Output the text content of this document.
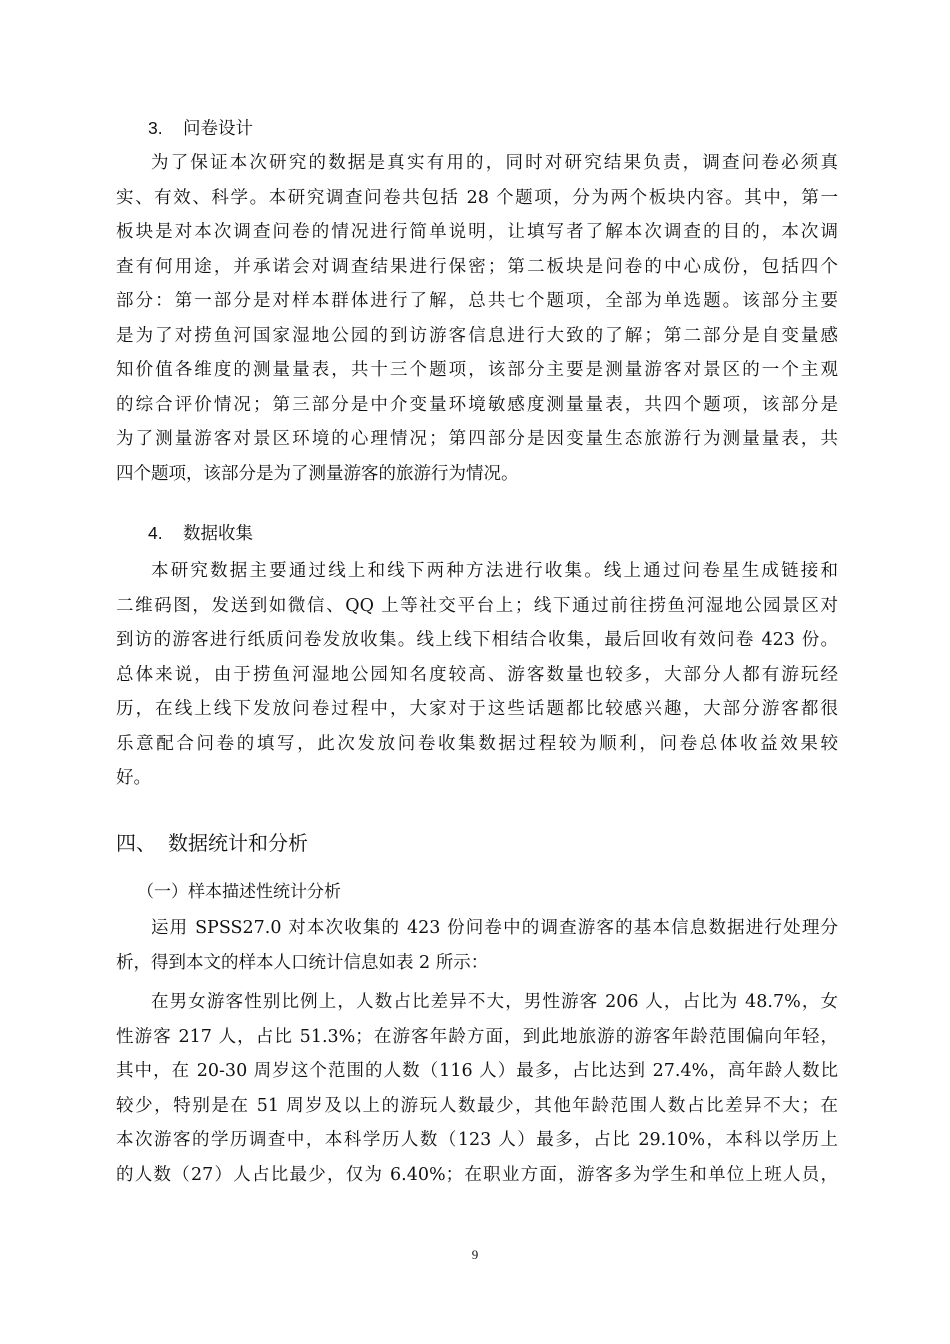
3. 问卷设计
为了保证本次研究的数据是真实有用的，同时对研究结果负责，调查问卷必须真
实、有效、科学。本研究调查问卷共包括 28 个题项，分为两个板块内容。其中，第一
板块是对本次调查问卷的情况进行简单说明，让填写者了解本次调查的目的，本次调
查有何用途，并承诺会对调查结果进行保密；第二板块是问卷的中心成份，包括四个
部分：第一部分是对样本群体进行了解，总共七个题项，全部为单选题。该部分主要
是为了对捞鱼河国家湿地公园的到访游客信息进行大致的了解；第二部分是自变量感
知价值各维度的测量量表，共十三个题项，该部分主要是测量游客对景区的一个主观
的综合评价情况；第三部分是中介变量环境敏感度测量量表，共四个题项，该部分是
为了测量游客对景区环境的心理情况；第四部分是因变量生态旅游行为测量量表，共
四个题项，该部分是为了测量游客的旅游行为情况。
4. 数据收集
本研究数据主要通过线上和线下两种方法进行收集。线上通过问卷星生成链接和
二维码图，发送到如微信、QQ 上等社交平台上；线下通过前往捞鱼河湿地公园景区对
到访的游客进行纸质问卷发放收集。线上线下相结合收集，最后回收有效问卷 423 份。
总体来说，由于捞鱼河湿地公园知名度较高、游客数量也较多，大部分人都有游玩经
历，在线上线下发放问卷过程中，大家对于这些话题都比较感兴趣，大部分游客都很
乐意配合问卷的填写，此次发放问卷收集数据过程较为顺利，问卷总体收益效果较
好。
四、 数据统计和分析
（一）样本描述性统计分析
运用 SPSS27.0 对本次收集的 423 份问卷中的调查游客的基本信息数据进行处理分
析，得到本文的样本人口统计信息如表 2 所示：
在男女游客性别比例上，人数占比差异不大，男性游客 206 人，占比为 48.7%，女
性游客 217 人，占比 51.3%；在游客年龄方面，到此地旅游的游客年龄范围偏向年轻，
其中，在 20-30 周岁这个范围的人数（116 人）最多，占比达到 27.4%，高年龄人数比
较少，特别是在 51 周岁及以上的游玩人数最少，其他年龄范围人数占比差异不大；在
本次游客的学历调查中，本科学历人数（123 人）最多，占比 29.10%，本科以学历上
的人数（27）人占比最少，仅为 6.40%；在职业方面，游客多为学生和单位上班人员，
9
